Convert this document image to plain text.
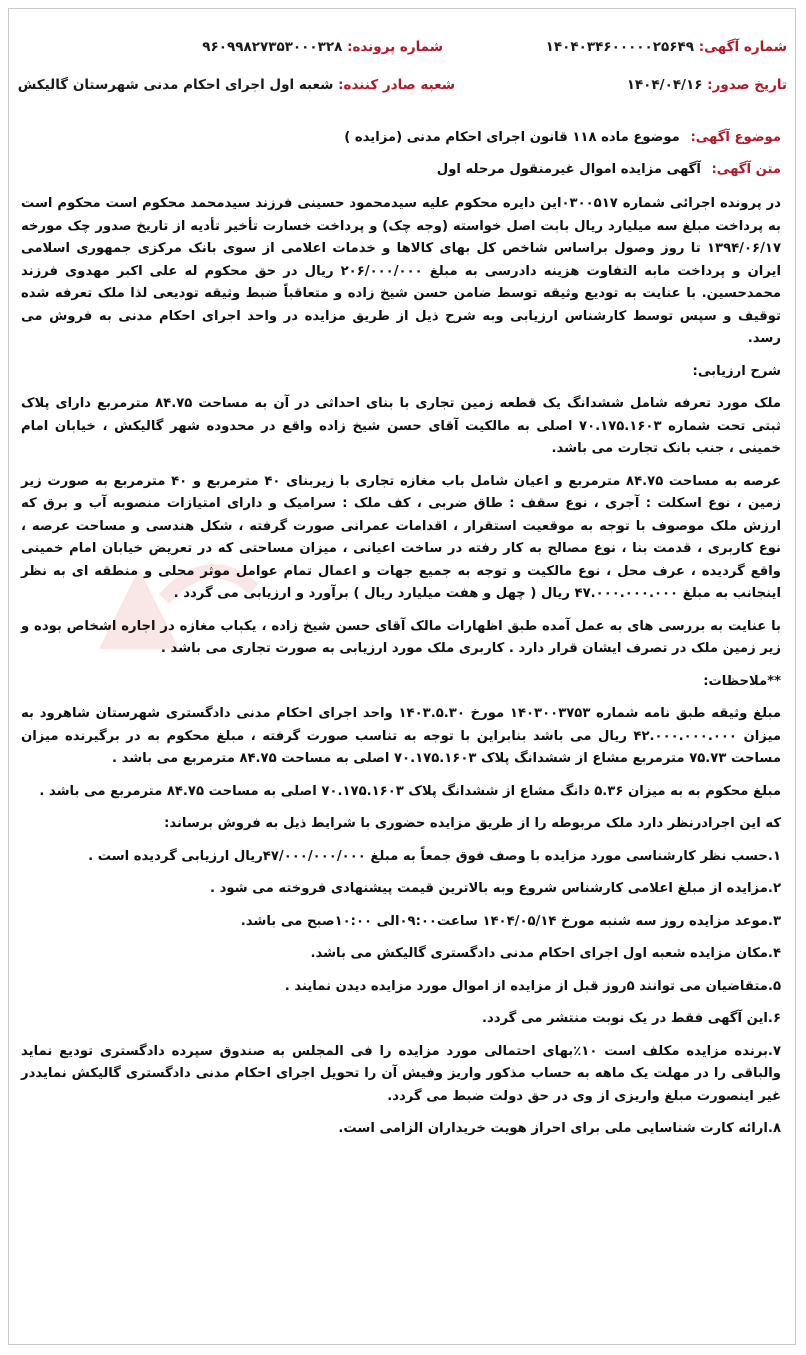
شماره آگهی: ۱۴۰۴۰۳۴۶۰۰۰۰۰۲۵۶۴۹
شماره پرونده: ۹۶۰۹۹۸۲۷۳۵۳۰۰۰۳۲۸
تاریخ صدور: ۱۴۰۴/۰۴/۱۶
شعبه صادر کننده: شعبه اول اجرای احکام مدنی شهرستان گالیکش
موضوع آگهی: موضوع ماده ۱۱۸ قانون اجرای احکام مدنی (مزایده )
متن آگهی: آگهی مزایده اموال غیرمنقول مرحله اول

در پرونده اجرائی شماره ۰۳۰۰۵۱۷این دایره محکوم علیه سیدمحمود حسینی فرزند سیدمحمد محکوم است محکوم است به پرداخت مبلغ سه میلیارد ریال بابت اصل خواسته (وجه چک) و پرداخت خسارت تأخیر تأدیه از تاریخ صدور چک مورخه ۱۳۹۴/۰۶/۱۷ تا روز وصول براساس شاخص کل بهای کالاها و خدمات اعلامی از سوی بانک مرکزی جمهوری اسلامی ایران و پرداخت مابه التفاوت هزینه دادرسی به مبلغ ۲۰۶/۰۰۰/۰۰۰ ریال در حق محکوم له علی اکبر مهدوی فرزند محمدحسین. با عنایت به تودیع وثیقه توسط ضامن حسن شیخ زاده و متعاقباً ضبط وثیقه تودیعی لذا ملک تعرفه شده توقیف و سپس توسط کارشناس ارزیابی وبه شرح ذیل از طریق مزایده در واحد اجرای احکام مدنی به فروش می رسد.

شرح ارزیابی:

ملک مورد تعرفه شامل ششدانگ یک قطعه زمین تجاری با بنای احداثی در آن به مساحت ۸۴.۷۵ مترمربع دارای پلاک ثبتی تحت شماره ۷۰.۱۷۵.۱۶۰۳ اصلی به مالکیت آقای حسن شیخ زاده واقع در محدوده شهر گالیکش ، خیابان امام خمینی ، جنب بانک تجارت می باشد.

عرصه به مساحت ۸۴.۷۵ مترمربع و اعیان شامل باب مغازه تجاری با زیربنای ۴۰ مترمربع و ۴۰ مترمربع به صورت زیر زمین ، نوع اسکلت : آجری ، نوع سقف : طاق ضربی ، کف ملک : سرامیک و دارای امتیازات منصوبه آب و برق که ارزش ملک موصوف با توجه به موقعیت استقرار ، اقدامات عمرانی صورت گرفته ، شکل هندسی و مساحت عرصه ، نوع کاربری ، قدمت بنا ، نوع مصالح به کار رفته در ساخت اعیانی ، میزان مساحتی که در تعریض خیابان امام خمینی واقع گردیده ، عرف محل ، نوع مالکیت و توجه به جمیع جهات و اعمال تمام عوامل موثر محلی و منطقه ای به نظر اینجانب به مبلغ ۴۷.۰۰۰.۰۰۰.۰۰۰ ریال ( چهل و هفت میلیارد ریال ) برآورد و ارزیابی می گردد .

با عنایت به بررسی های به عمل آمده طبق اظهارات مالک آقای حسن شیخ زاده ، یکباب مغازه در اجاره اشخاص بوده و زیر زمین ملک در تصرف ایشان قرار دارد . کاربری ملک مورد ارزیابی به صورت تجاری می باشد .

**ملاحظات:

مبلغ وثیقه طبق نامه شماره ۱۴۰۳۰۰۳۷۵۳ مورخ ۱۴۰۳.۵.۳۰ واحد اجرای احکام مدنی دادگستری شهرستان شاهرود به میزان ۴۲.۰۰۰.۰۰۰.۰۰۰ ریال می باشد بنابراین با توجه به تناسب صورت گرفته ، مبلغ محکوم به در برگیرنده میزان مساحت ۷۵.۷۳ مترمربع مشاع از ششدانگ پلاک ۷۰.۱۷۵.۱۶۰۳ اصلی به مساحت ۸۴.۷۵ مترمربع می باشد .

مبلغ محکوم به به میزان ۵.۳۶ دانگ مشاع از ششدانگ پلاک ۷۰.۱۷۵.۱۶۰۳ اصلی به مساحت ۸۴.۷۵ مترمربع می باشد .

که این اجرادرنظر دارد ملک مربوطه را از طریق مزایده حضوری با شرایط ذیل به فروش برساند:

۱.حسب نظر کارشناسی مورد مزایده با وصف فوق جمعاً به مبلغ ۴۷/۰۰۰/۰۰۰/۰۰۰ریال ارزیابی گردیده است .

۲.مزایده از مبلغ اعلامی کارشناس شروع وبه بالاترین قیمت پیشنهادی فروخته می شود .

۳.موعد مزایده روز سه شنبه مورخ ۱۴۰۴/۰۵/۱۴ ساعت۰۹:۰۰الی ۱۰:۰۰صبح می باشد.

۴.مکان مزایده شعبه اول اجرای احکام مدنی دادگستری گالیکش می باشد.

۵.متقاضیان می توانند ۵روز قبل از مزایده از اموال مورد مزایده دیدن نمایند .

۶.این آگهی فقط در یک نوبت منتشر می گردد.

۷.برنده مزایده مکلف است ۱۰٪بهای احتمالی مورد مزایده را فی المجلس به صندوق سپرده دادگستری تودیع نماید والباقی را در مهلت یک ماهه به حساب مذکور واریز وفیش آن را تحویل اجرای احکام مدنی دادگستری گالیکش نمایددر غیر اینصورت مبلغ واریزی از وی در حق دولت ضبط می گردد.

۸.ارائه کارت شناسایی ملی برای احراز هویت خریداران الزامی است.
